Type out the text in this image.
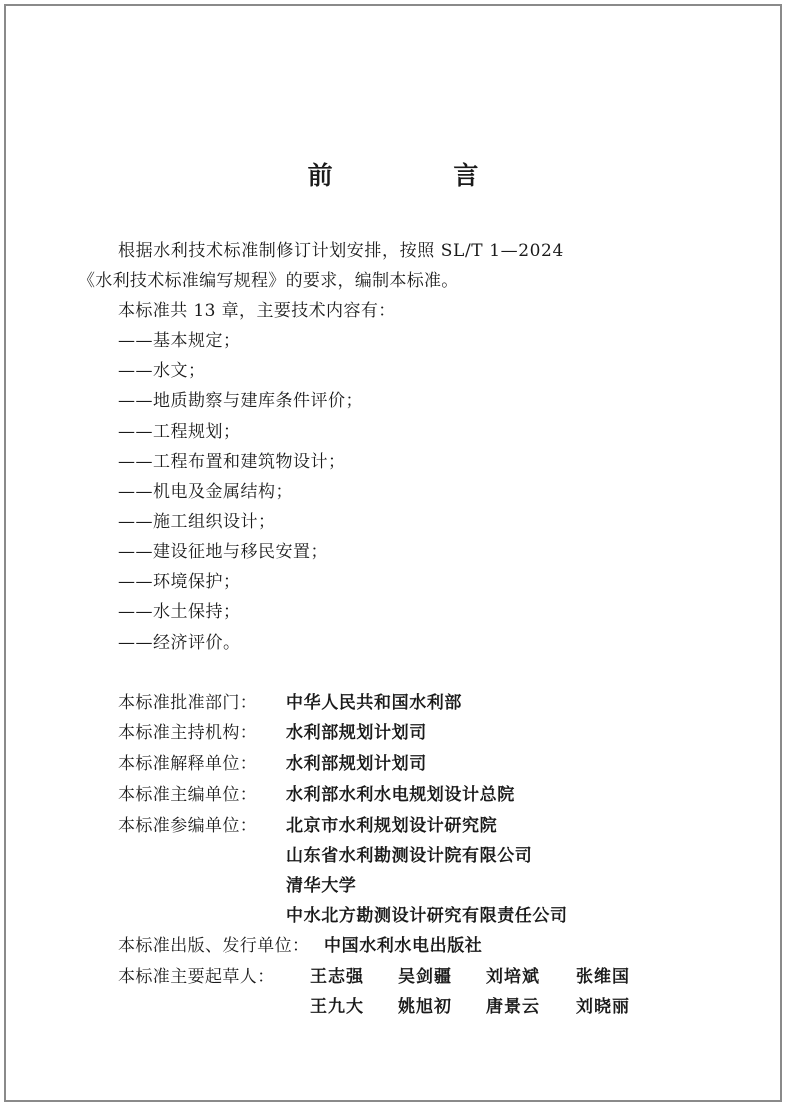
前 言
根据水利技术标准制修订计划安排，按照 SL/T 1—2024
《水利技术标准编写规程》的要求，编制本标准。
本标准共 13 章，主要技术内容有：
——基本规定；
——水文；
——地质勘察与建库条件评价；
——工程规划；
——工程布置和建筑物设计；
——机电及金属结构；
——施工组织设计；
——建设征地与移民安置；
——环境保护；
——水土保持；
——经济评价。
本标准批准部门： 中华人民共和国水利部
本标准主持机构： 水利部规划计划司
本标准解释单位： 水利部规划计划司
本标准主编单位： 水利部水利水电规划设计总院
本标准参编单位： 北京市水利规划设计研究院
山东省水利勘测设计院有限公司
清华大学
中水北方勘测设计研究有限责任公司
本标准出版、发行单位： 中国水利水电出版社
本标准主要起草人： 王志强 吴剑疆 刘培斌 张维国
王九大 姚旭初 唐景云 刘晓丽
